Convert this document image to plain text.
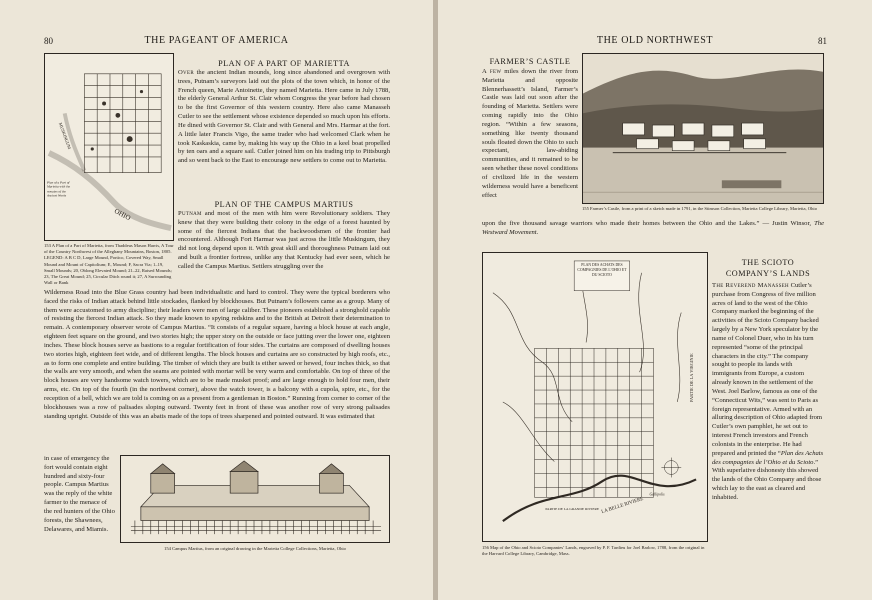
80	THE PAGEANT OF AMERICA
OHIO
MUSKINGUM
Plan of a Part of Marietta with the remains of the Ancient Works
153 A Plan of a Part of Marietta, from Thaddeus Mason Harris, A Tour of the Country Northwest of the Alleghany Mountains, Boston, 1805. LEGEND: A B C D, Large Mound, Portico, Covered Way, Small Mound and Mount of Capitolium; E, Mound; F, Sacra Via; 1–19, Small Mounds; 20, Oblong Elevated Mound; 21–22, Raised Mounds; 23, The Great Mound; 25, Circular Ditch round it; 27, A Surrounding Wall or Bank
PLAN OF A PART OF MARIETTA
Over the ancient Indian mounds, long since abandoned and overgrown with trees, Putnam’s surveyors laid out the plots of the town which, in honor of the French queen, Marie Antoinette, they named Marietta. Here came in July 1788, the elderly General Arthur St. Clair whom Congress the year before had chosen to be the first Governor of this western country. Here also came Manasseh Cutler to see the settlement whose existence depended so much upon his efforts. He dined with Governor St. Clair and with General and Mrs. Harmar at the fort. A little later Francis Vigo, the same trader who had welcomed Clark when he took Kaskaskia, came by, making his way up the Ohio in a keel boat propelled by ten oars and a square sail. Cutler joined him on his trading trip to Pittsburgh and so went back to the East to encourage new settlers to come out to Marietta.
PLAN OF THE CAMPUS MARTIUS
Putnam and most of the men with him were Revolutionary soldiers. They knew that they were building their colony in the edge of a forest haunted by some of the fiercest Indians that the backwoodsmen of the frontier had encountered. Although Fort Harmar was just across the little Muskingum, they did not long depend upon it. With great skill and thoroughness Putnam laid out and built a frontier fortress, unlike any that Kentucky had ever seen, which he called the Campus Martius. Settlers struggling over the
Wilderness Road into the Blue Grass country had been individualistic and hard to control. They were the typical borderers who faced the risks of Indian attack behind little stockades, flanked by blockhouses. But Putnam’s followers came as a group. Many of them were accustomed to army discipline; their leaders were men of large caliber. These pioneers established a stronghold capable of resisting the fiercest Indian attack. So they made known to spying redskins and to the British at Detroit their determination to remain. A contemporary observer wrote of Campus Martius. “It consists of a regular square, having a block house at each angle, eighteen feet square on the ground, and two stories high; the upper story on the outside or face jutting over the lower one, eighteen inches. These block houses serve as bastions to a regular fortification of four sides. The curtains are composed of dwelling houses two stories high, eighteen feet wide, and of different lengths. The block houses and curtains are so constructed by high roofs, etc., as to form one complete and entire building. The timber of which they are built is either sawed or hewed, four inches thick, so that the walls are very smooth, and when the seams are pointed with mortar will be very warm and comfortable. On top of three of the block houses are very handsome watch towers, which are to be made musket proof; and are large enough to hold four men, their arms, etc. On top of the fourth (in the northwest corner), above the watch tower, is a balcony with a cupola, spire, etc., for the reception of a bell, which we are told is coming on as a present from a gentleman in Boston.” Running from corner to corner of the blockhouses was a row of palisades sloping outward. Twenty feet in front of these was another row of very strong palisades standing upright. Outside of this was an abatis made of the tops of trees sharpened and pointed outward. It was estimated that
in case of emergency the fort would contain eight hundred and sixty-four people. Campus Martius was the reply of the white farmer to the menace of the red hunters of the Ohio forests, the Shawnees, Delawares, and Miamis.
154 Campus Martius, from an original drawing in the Marietta College Collections, Marietta, Ohio
THE OLD NORTHWEST	81
FARMER’S CASTLE
A few miles down the river from Marietta and opposite Blennerhassett’s Island, Farmer’s Castle was laid out soon after the founding of Marietta. Settlers were coming rapidly into the Ohio region. “Within a few seasons, something like twenty thousand souls floated down the Ohio to such expectant, law-abiding communities, and it remained to be seen whether these novel conditions of civilized life in the western wilderness would have a beneficent effect
155 Farmer’s Castle, from a print of a sketch made in 1791, in the Stimson Collection, Marietta College Library, Marietta, Ohio
upon the five thousand savage warriors who made their homes between the Ohio and the Lakes.” — Justin Winsor, The Westward Movement.
LA BELLE RIVIERE
PARTIE DE LA VIRGINIE
PARTIE DE LA GRANDE RIVIERE
Gallipolis
PLAN DES ACHATS DES COMPAGNIES DE L’OHIO ET DU SCIOTO
156 Map of the Ohio and Scioto Companies’ Lands, engraved by P. F. Tardieu for Joel Barlow, 1788, from the original in the Harvard College Library, Cambridge, Mass.
THE SCIOTO
COMPANY’S LANDS
The Reverend Manasseh Cutler’s purchase from Congress of five million acres of land to the west of the Ohio Company marked the beginning of the activities of the Scioto Company backed largely by a New York speculator by the name of Colonel Duer, who in his turn represented “some of the principal characters in the city.” The company sought to people its lands with immigrants from Europe, a custom already known in the settlement of the West. Joel Barlow, famous as one of the “Connecticut Wits,” was sent to Paris as foreign representative. Armed with an alluring description of Ohio adapted from Cutler’s own pamphlet, he set out to interest French investors and French colonists in the enterprise. He had prepared and printed the “Plan des Achats des compagnies de l’Ohio et du Scioto.” With superlative dishonesty this showed the lands of the Ohio Company and those which lay to the east as cleared and inhabited.
